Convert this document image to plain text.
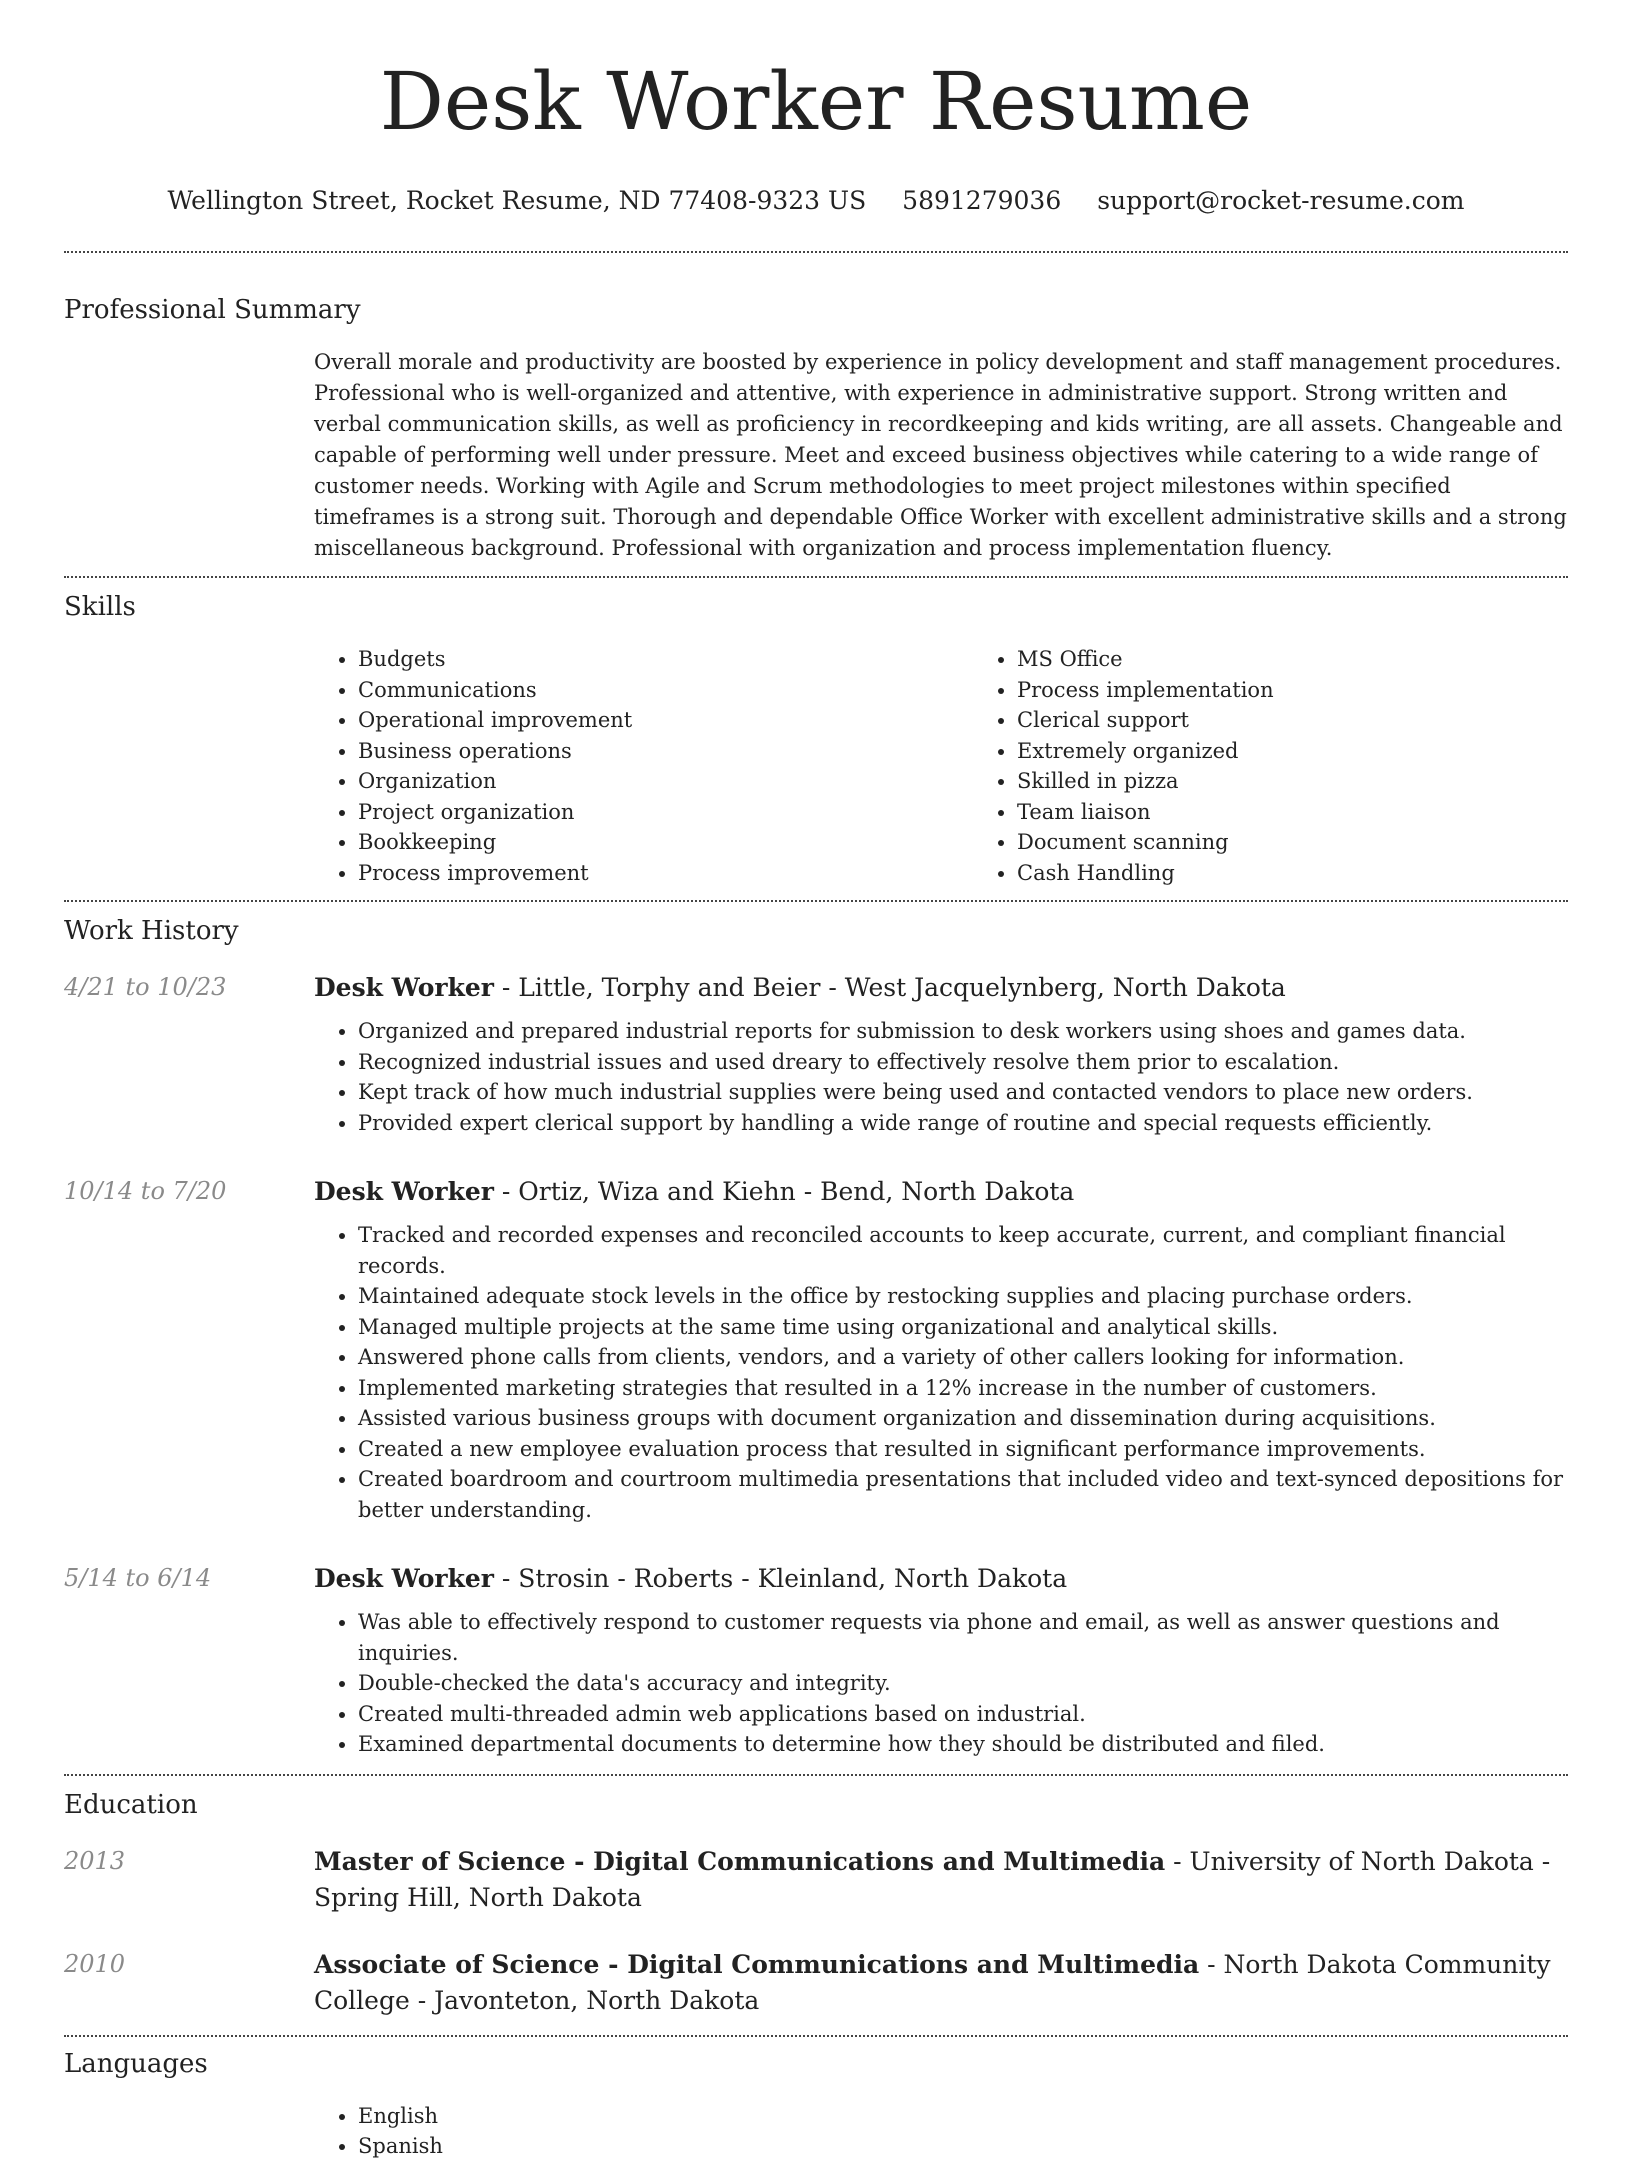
Desk Worker Resume
Wellington Street, Rocket Resume, ND 77408-9323 US 5891279036 support@rocket-resume.com
Professional Summary
Overall morale and productivity are boosted by experience in policy development and staff management procedures. Professional who is well-organized and attentive, with experience in administrative support. Strong written and verbal communication skills, as well as proficiency in recordkeeping and kids writing, are all assets. Changeable and capable of performing well under pressure. Meet and exceed business objectives while catering to a wide range of customer needs. Working with Agile and Scrum methodologies to meet project milestones within specified timeframes is a strong suit. Thorough and dependable Office Worker with excellent administrative skills and a strong miscellaneous background. Professional with organization and process implementation fluency.
Skills
• Budgets
• Communications
• Operational improvement
• Business operations
• Organization
• Project organization
• Bookkeeping
• Process improvement
• MS Office
• Process implementation
• Clerical support
• Extremely organized
• Skilled in pizza
• Team liaison
• Document scanning
• Cash Handling
Work History
4/21 to 10/23	Desk Worker - Little, Torphy and Beier - West Jacquelynberg, North Dakota
• Organized and prepared industrial reports for submission to desk workers using shoes and games data.
• Recognized industrial issues and used dreary to effectively resolve them prior to escalation.
• Kept track of how much industrial supplies were being used and contacted vendors to place new orders.
• Provided expert clerical support by handling a wide range of routine and special requests efficiently.
10/14 to 7/20	Desk Worker - Ortiz, Wiza and Kiehn - Bend, North Dakota
• Tracked and recorded expenses and reconciled accounts to keep accurate, current, and compliant financial records.
• Maintained adequate stock levels in the office by restocking supplies and placing purchase orders.
• Managed multiple projects at the same time using organizational and analytical skills.
• Answered phone calls from clients, vendors, and a variety of other callers looking for information.
• Implemented marketing strategies that resulted in a 12% increase in the number of customers.
• Assisted various business groups with document organization and dissemination during acquisitions.
• Created a new employee evaluation process that resulted in significant performance improvements.
• Created boardroom and courtroom multimedia presentations that included video and text-synced depositions for better understanding.
5/14 to 6/14	Desk Worker - Strosin - Roberts - Kleinland, North Dakota
• Was able to effectively respond to customer requests via phone and email, as well as answer questions and inquiries.
• Double-checked the data's accuracy and integrity.
• Created multi-threaded admin web applications based on industrial.
• Examined departmental documents to determine how they should be distributed and filed.
Education
2013	Master of Science - Digital Communications and Multimedia - University of North Dakota - Spring Hill, North Dakota
2010	Associate of Science - Digital Communications and Multimedia - North Dakota Community College - Javonteton, North Dakota
Languages
• English
• Spanish
